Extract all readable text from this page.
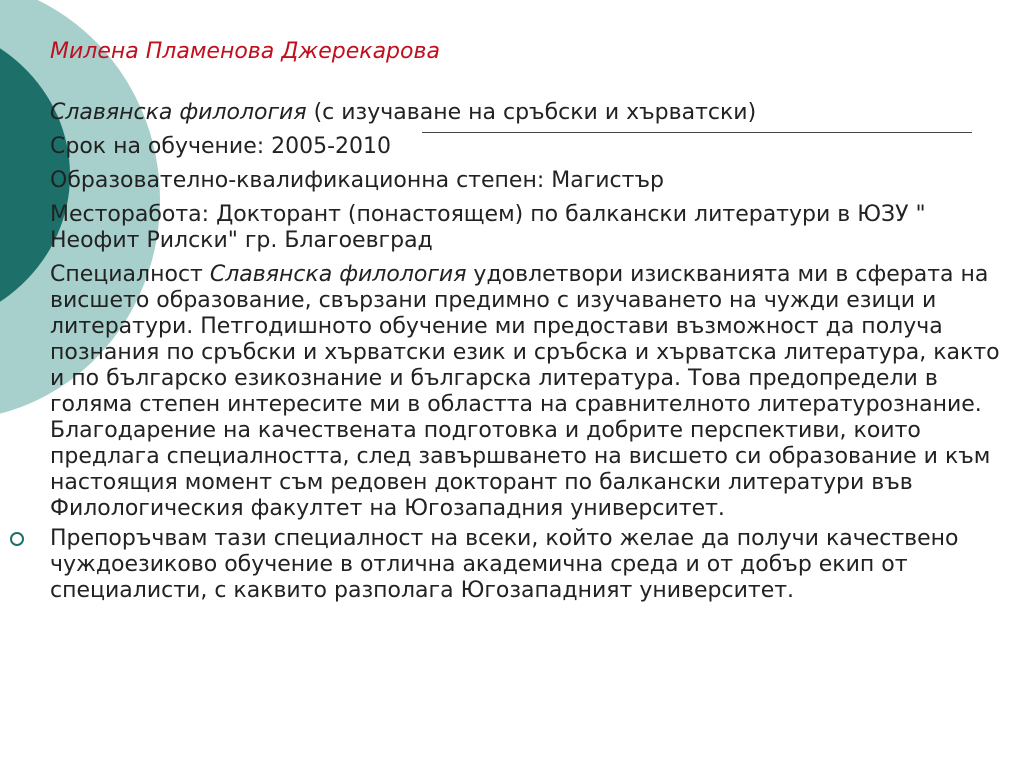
Милена Пламенова Джерекарова

Славянска филология (с изучаване на сръбски и хърватски)

Срок на обучение: 2005-2010

Образователно-квалификационна степен: Магистър

Месторабота: Докторант (понастоящем) по балкански литератури в ЮЗУ " Неофит Рилски" гр. Благоевград

Специалност Славянска филология удовлетвори изискванията ми в сферата на висшето образование, свързани предимно с изучаването на чужди езици и литератури. Петгодишното обучение ми предостави възможност да получа познания по сръбски и хърватски език и сръбска и хърватска литература, както и по българско езикознание и българска литература. Това предопредели в голяма степен интересите ми в областта на сравнителното литературознание. Благодарение на качествената подготовка и добрите перспективи, които предлага специалността, след завършването на висшето си образование и към настоящия момент съм редовен докторант по балкански литератури във Филологическия факултет на Югозападния университет.

Препоръчвам тази специалност на всеки, който желае да получи качествено чуждоезиково обучение в отлична академична среда и от добър екип от специалисти, с каквито разполага Югозападният университет.
